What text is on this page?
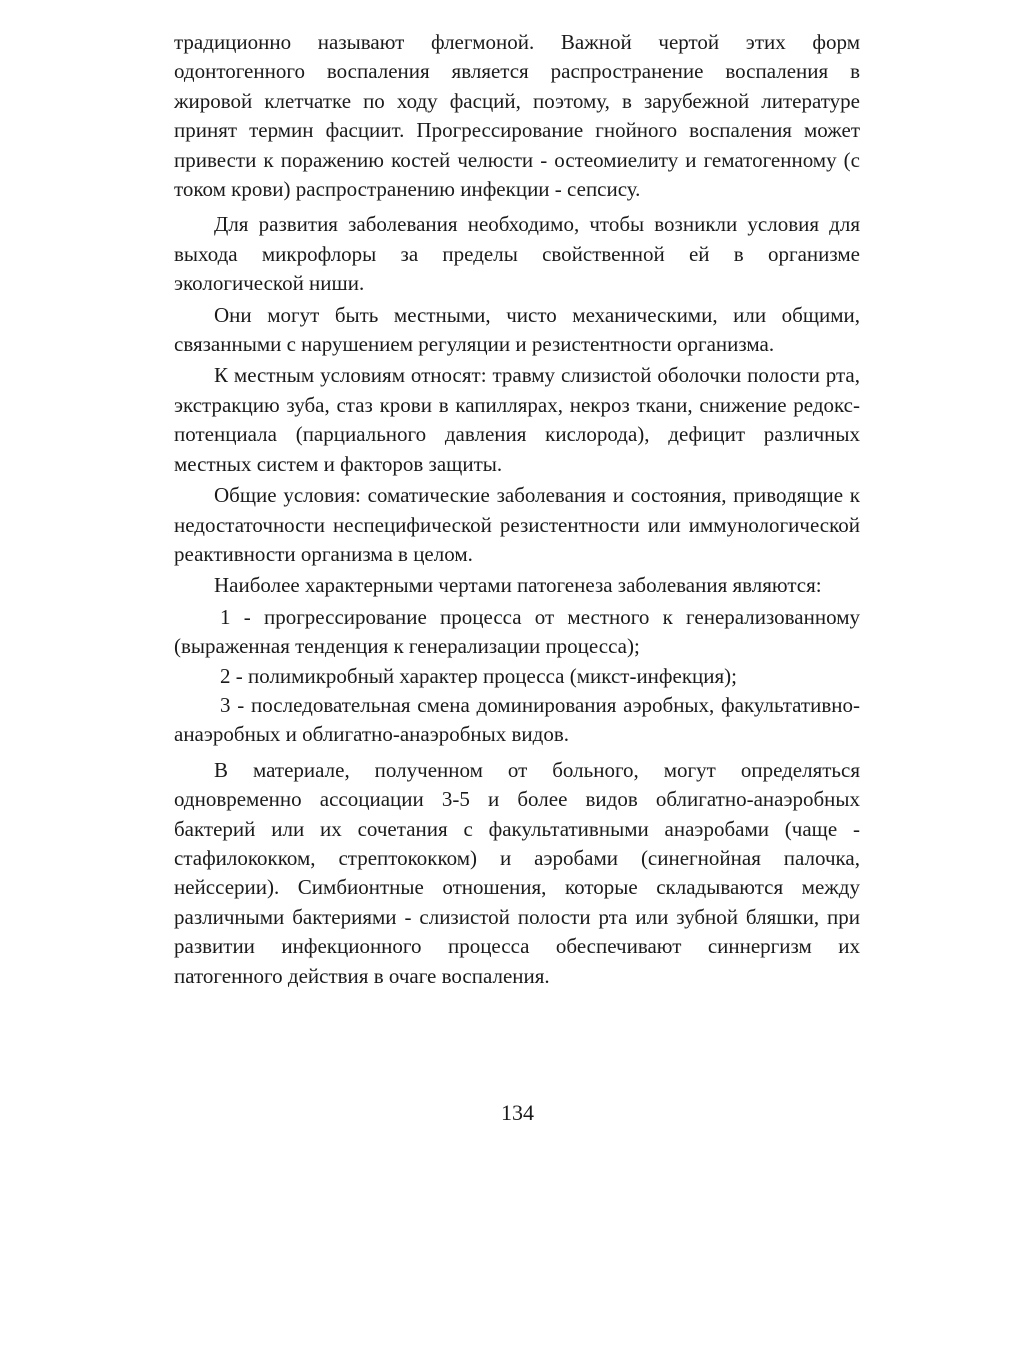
традиционно называют флегмоной. Важной чертой этих форм одонтогенного воспаления является распространение воспаления в жировой клетчатке по ходу фасций, поэтому, в зарубежной литературе принят термин фасциит. Прогрессирование гнойного воспаления может привести к поражению костей челюсти - остеомиелиту и гематогенному (с током крови) распространению инфекции - сепсису.

Для развития заболевания необходимо, чтобы возникли условия для выхода микрофлоры за пределы свойственной ей в организме экологической ниши.

Они могут быть местными, чисто механическими, или общими, связанными с нарушением регуляции и резистентности организма.

К местным условиям относят: травму слизистой оболочки полости рта, экстракцию зуба, стаз крови в капиллярах, некроз ткани, снижение редокс-потенциала (парциального давления кислорода), дефицит различных местных систем и факторов защиты.

Общие условия: соматические заболевания и состояния, приводящие к недостаточности неспецифической резистентности или иммунологической реактивности организма в целом.

Наиболее характерными чертами патогенеза заболевания являются:

1 - прогрессирование процесса от местного к генерализованному (выраженная тенденция к генерализации процесса);

2 - полимикробный характер процесса (микст-инфекция);

3 - последовательная смена доминирования аэробных, факультативно-анаэробных и облигатно-анаэробных видов.

В материале, полученном от больного, могут определяться одновременно ассоциации 3-5 и более видов облигатно-анаэробных бактерий или их сочетания с факультативными анаэробами (чаще - стафилококком, стрептококком) и аэробами (синегнойная палочка, нейссерии). Симбионтные отношения, которые складываются между различными бактериями - слизистой полости рта или зубной бляшки, при развитии инфекционного процесса обеспечивают синнергизм их патогенного действия в очаге воспаления.

134
